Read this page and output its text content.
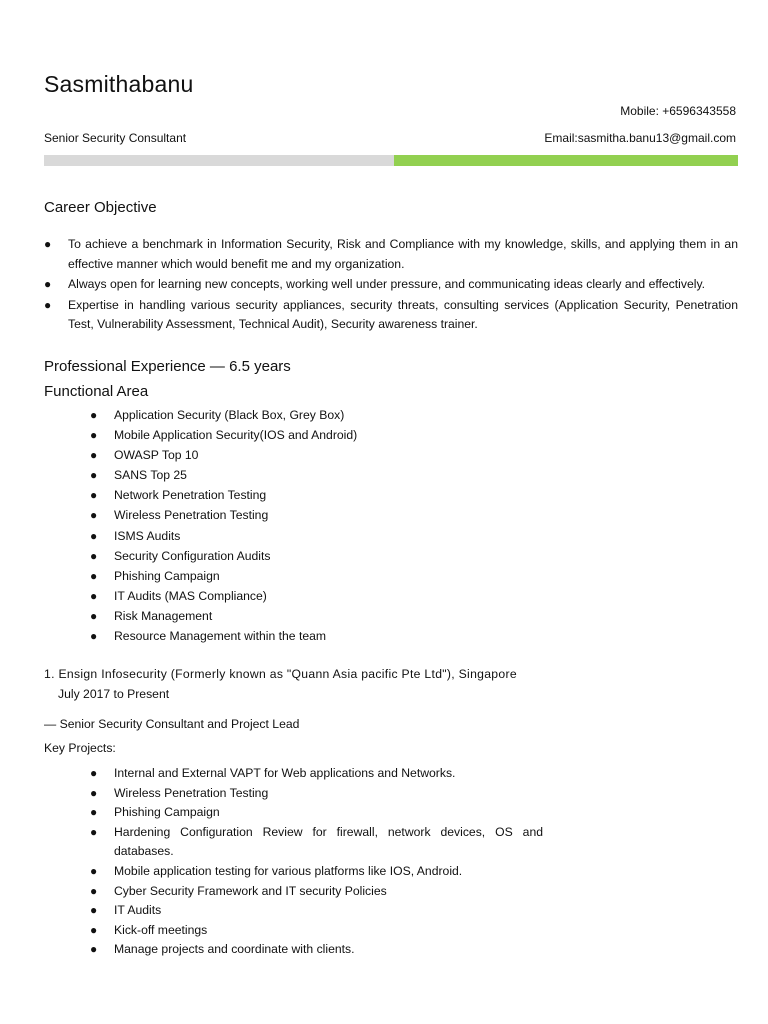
Sasmithabanu
Mobile: +6596343558
Senior Security Consultant	Email:sasmitha.banu13@gmail.com
Career Objective
● To achieve a benchmark in Information Security, Risk and Compliance with my knowledge, skills, and applying them in an effective manner which would benefit me and my organization.
● Always open for learning new concepts, working well under pressure, and communicating ideas clearly and effectively.
● Expertise in handling various security appliances, security threats, consulting services (Application Security, Penetration Test, Vulnerability Assessment, Technical Audit), Security awareness trainer.
Professional Experience — 6.5 years
Functional Area
● Application Security (Black Box, Grey Box)
● Mobile Application Security(IOS and Android)
● OWASP Top 10
● SANS Top 25
● Network Penetration Testing
● Wireless Penetration Testing
● ISMS Audits
● Security Configuration Audits
● Phishing Campaign
● IT Audits (MAS Compliance)
● Risk Management
● Resource Management within the team
1. Ensign Infosecurity (Formerly known as "Quann Asia pacific Pte Ltd"), Singapore
July 2017 to Present
— Senior Security Consultant and Project Lead
Key Projects:
● Internal and External VAPT for Web applications and Networks.
● Wireless Penetration Testing
● Phishing Campaign
● Hardening Configuration Review for firewall, network devices, OS and databases.
● Mobile application testing for various platforms like IOS, Android.
● Cyber Security Framework and IT security Policies
● IT Audits
● Kick-off meetings
● Manage projects and coordinate with clients.
